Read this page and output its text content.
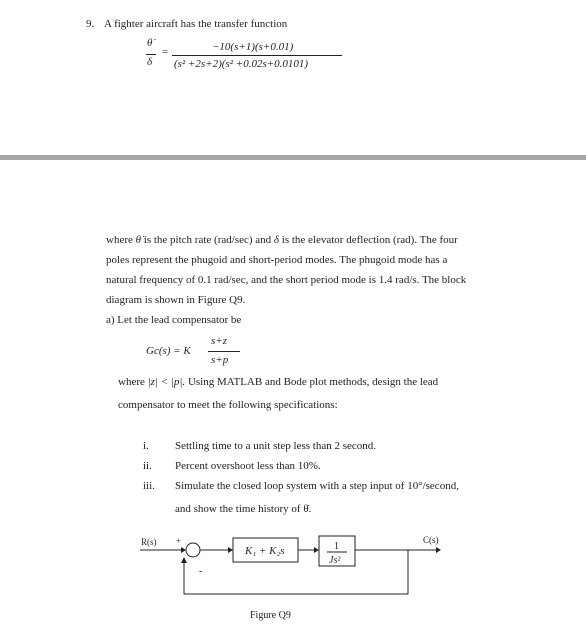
9. A fighter aircraft has the transfer function
θ̇
δ
=	−10(s+1)(s+0.01)
(s² +2s+2)(s² +0.02s+0.0101)
where θ̇ is the pitch rate (rad/sec) and δ is the elevator deflection (rad). The four
poles represent the phugoid and short-period modes. The phugoid mode has a
natural frequency of 0.1 rad/sec, and the short period mode is 1.4 rad/s. The block
diagram is shown in Figure Q9.
a) Let the lead compensator be
Gc(s) = K
s+z
s+p
where |z| < |p|. Using MATLAB and Bode plot methods, design the lead
compensator to meet the following specifications:
i. Settling time to a unit step less than 2 second.
ii. Percent overshoot less than 10%.
iii. Simulate the closed loop system with a step input of 10°/second,
and show the time history of θ̇.
R(s) +
-
K₁ + K₂s	1
Js²
C(s)
Figure Q9
